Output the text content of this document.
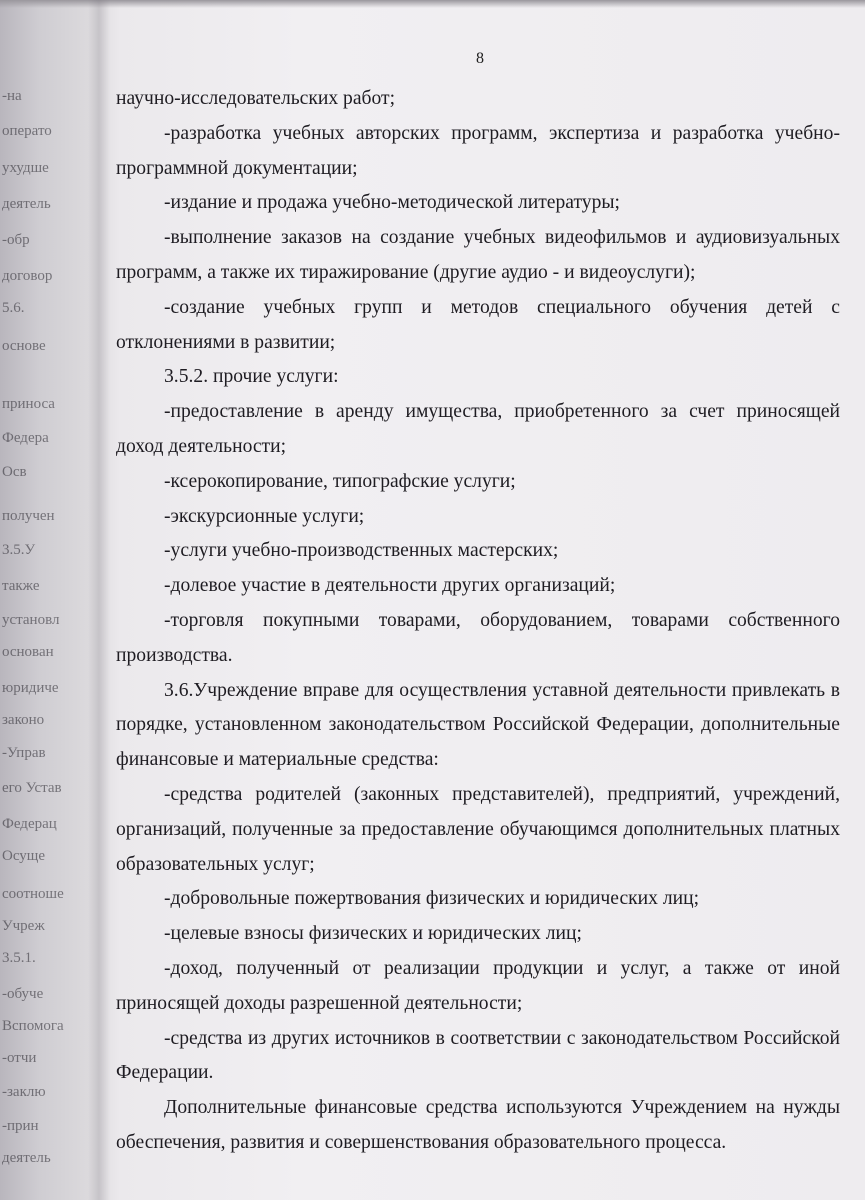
-на
операто
ухудше
деятель
-обр
договор
5.6.
основе
приноса
Федера
Осв
получен
3.5.У
также
установл
основан
юридиче
законо
-Управ
его Устав
Федерац
Осуще
соотноше
Учреж
3.5.1.
-обуче
Вспомога
-отчи
-заклю
-прин
деятель
8

научно-исследовательских работ;

-разработка учебных авторских программ, экспертиза и разработка учебно-программной документации;

-издание и продажа учебно-методической литературы;

-выполнение заказов на создание учебных видеофильмов и аудиовизуальных программ, а также их тиражирование (другие аудио - и видеоуслуги);

-создание учебных групп и методов специального обучения детей с отклонениями в развитии;

3.5.2. прочие услуги:

-предоставление в аренду имущества, приобретенного за счет приносящей доход деятельности;

-ксерокопирование, типографские услуги;

-экскурсионные услуги;

-услуги учебно-производственных мастерских;

-долевое участие в деятельности других организаций;

-торговля покупными товарами, оборудованием, товарами собственного производства.

3.6.Учреждение вправе для осуществления уставной деятельности привлекать в порядке, установленном законодательством Российской Федерации, дополнительные финансовые и материальные средства:

-средства родителей (законных представителей), предприятий, учреждений, организаций, полученные за предоставление обучающимся дополнительных платных образовательных услуг;

-добровольные пожертвования физических и юридических лиц;

-целевые взносы физических и юридических лиц;

-доход, полученный от реализации продукции и услуг, а также от иной приносящей доходы разрешенной деятельности;

-средства из других источников в соответствии с законодательством Российской Федерации.

Дополнительные финансовые средства используются Учреждением на нужды обеспечения, развития и совершенствования образовательного процесса.
